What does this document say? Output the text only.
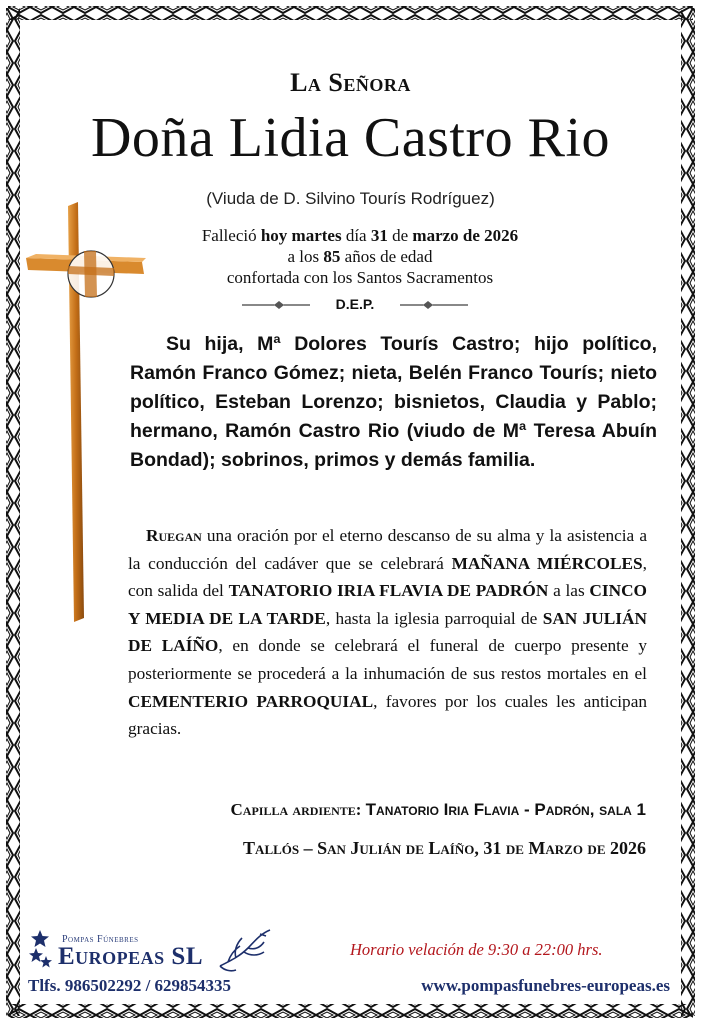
La Señora
Doña Lidia Castro Rio
(Viuda de D. Silvino Tourís Rodríguez)
Falleció hoy martes día 31 de marzo de 2026
a los 85 años de edad
confortada con los Santos Sacramentos
D.E.P.
Su hija, Mª Dolores Tourís Castro; hijo político, Ramón Franco Gómez; nieta, Belén Franco Tourís; nieto político, Esteban Lorenzo; bisnietos, Claudia y Pablo; hermano, Ramón Castro Rio (viudo de Mª Teresa Abuín Bondad); sobrinos, primos y demás familia.
Ruegan una oración por el eterno descanso de su alma y la asistencia a la conducción del cadáver que se celebrará MAÑANA MIÉRCOLES, con salida del TANATORIO IRIA FLAVIA DE PADRÓN a las CINCO Y MEDIA DE LA TARDE, hasta la iglesia parroquial de SAN JULIÁN DE LAÍÑO, en donde se celebrará el funeral de cuerpo presente y posteriormente se procederá a la inhumación de sus restos mortales en el CEMENTERIO PARROQUIAL, favores por los cuales les anticipan gracias.
Capilla ardiente: Tanatorio Iria Flavia - Padrón, sala 1
Tallós – San Julián de Laíño, 31 de Marzo de 2026
Pompas Fúnebres
Europeas SL	Horario velación de 9:30 a 22:00 hrs.
Tlfs. 986502292 / 629854335	www.pompasfunebres-europeas.es
